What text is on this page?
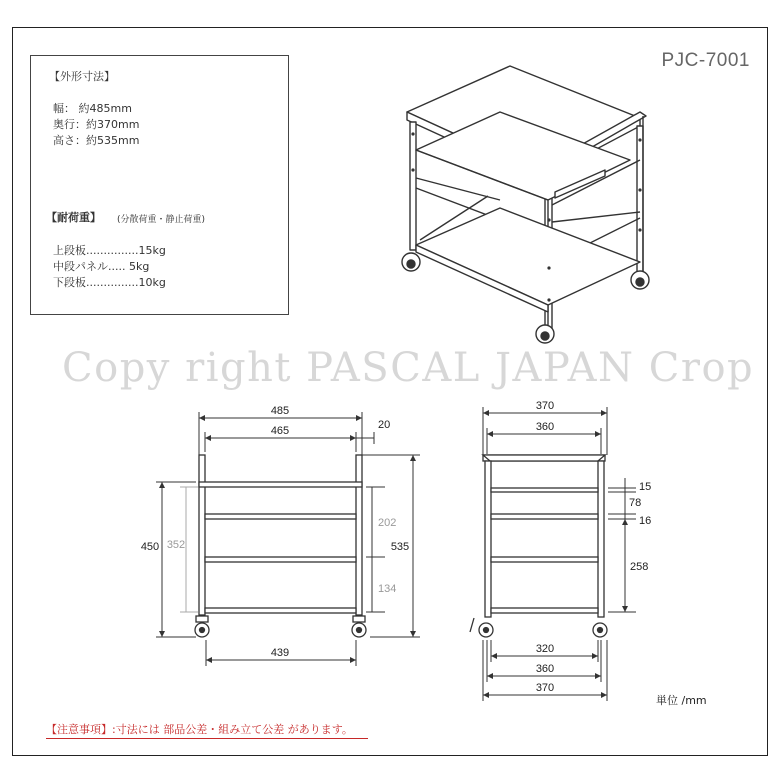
PJC-7001
【外形寸法】
幅： 約485mm
奥行：約370mm
高さ：約535mm
【耐荷重】 (分散荷重・静止荷重)
上段板...............15kg
中段パネル..... 5kg
下段板...............10kg
Copy right PASCAL JAPAN Crop
485
465	20
450 352
202
134
535
439
370
360
15
78
16
258
320
360
370
単位 /mm
【注意事項】:寸法には 部品公差・組み立て公差 があります。
